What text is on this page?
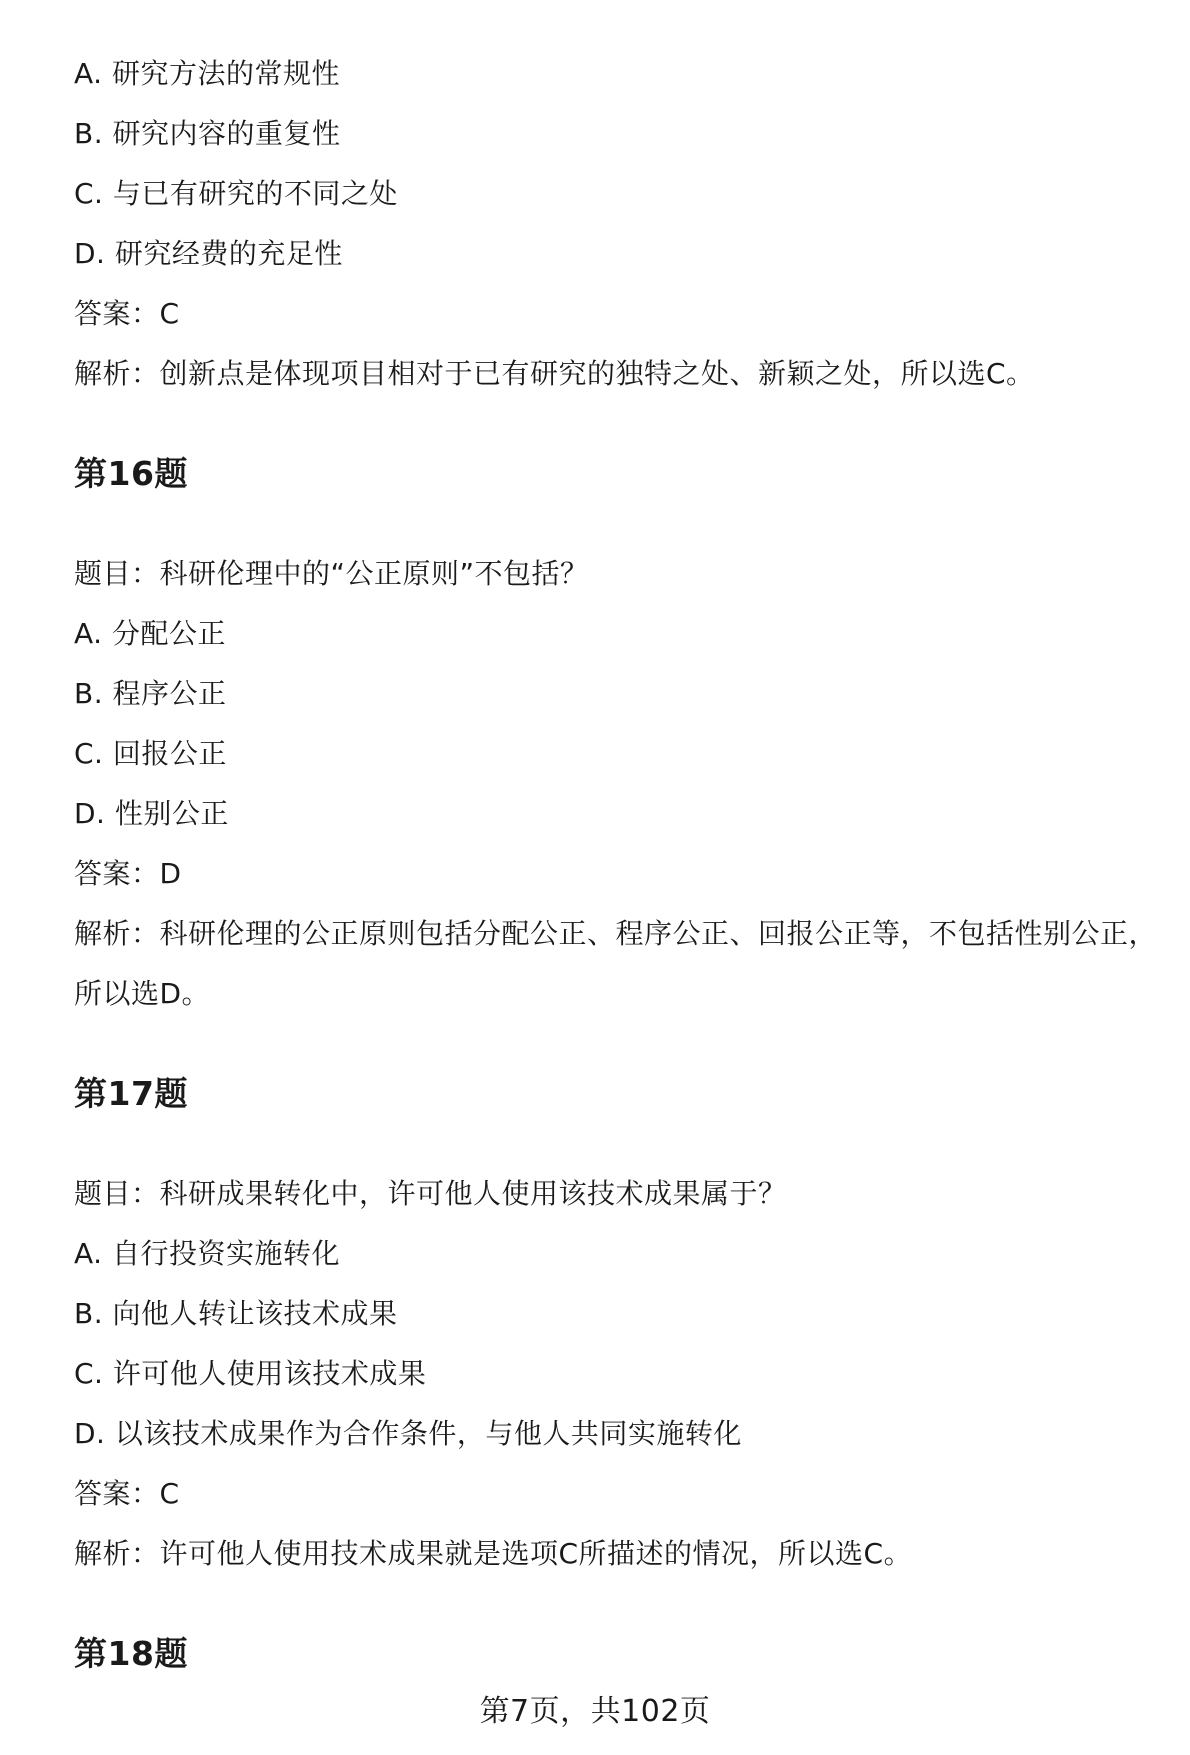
A. 研究方法的常规性
B. 研究内容的重复性
C. 与已有研究的不同之处
D. 研究经费的充足性
答案：C
解析：创新点是体现项目相对于已有研究的独特之处、新颖之处，所以选C。
第16题
题目：科研伦理中的“公正原则”不包括？
A. 分配公正
B. 程序公正
C. 回报公正
D. 性别公正
答案：D
解析：科研伦理的公正原则包括分配公正、程序公正、回报公正等，不包括性别公正，所以选D。
第17题
题目：科研成果转化中，许可他人使用该技术成果属于？
A. 自行投资实施转化
B. 向他人转让该技术成果
C. 许可他人使用该技术成果
D. 以该技术成果作为合作条件，与他人共同实施转化
答案：C
解析：许可他人使用技术成果就是选项C所描述的情况，所以选C。
第18题
第7页，共102页
